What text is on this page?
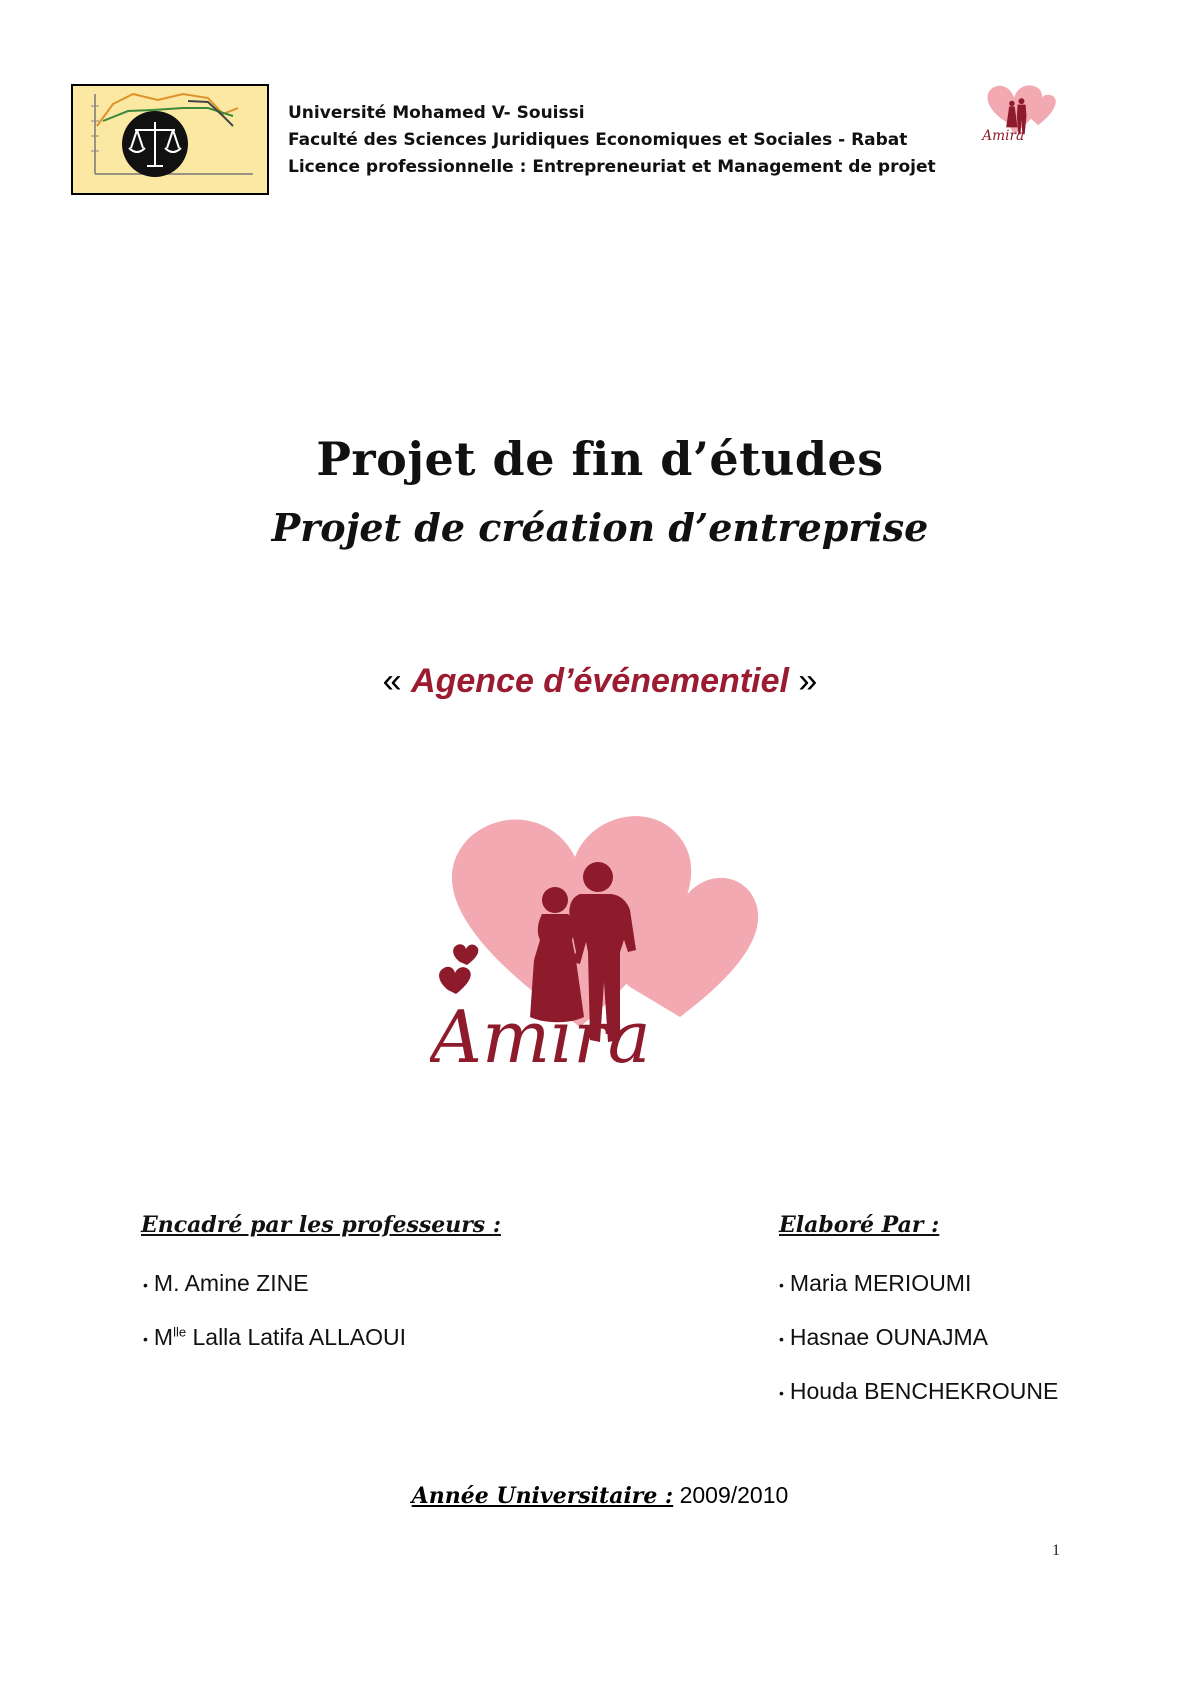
Université Mohamed V- Souissi
Faculté des Sciences Juridiques Economiques et Sociales - Rabat
Licence professionnelle : Entrepreneuriat et Management de projet
Amira
Projet de fin d’études
Projet de création d’entreprise
« Agence d’événementiel »
Amira
Encadré par les professeurs :
• M. Amine ZINE
• $M^{lle}$ Lalla Latifa ALLAOUI
Elaboré Par :
• Maria MERIOUMI
• Hasnae OUNAJMA
• Houda BENCHEKROUNE
Année Universitaire : 2009/2010
1
